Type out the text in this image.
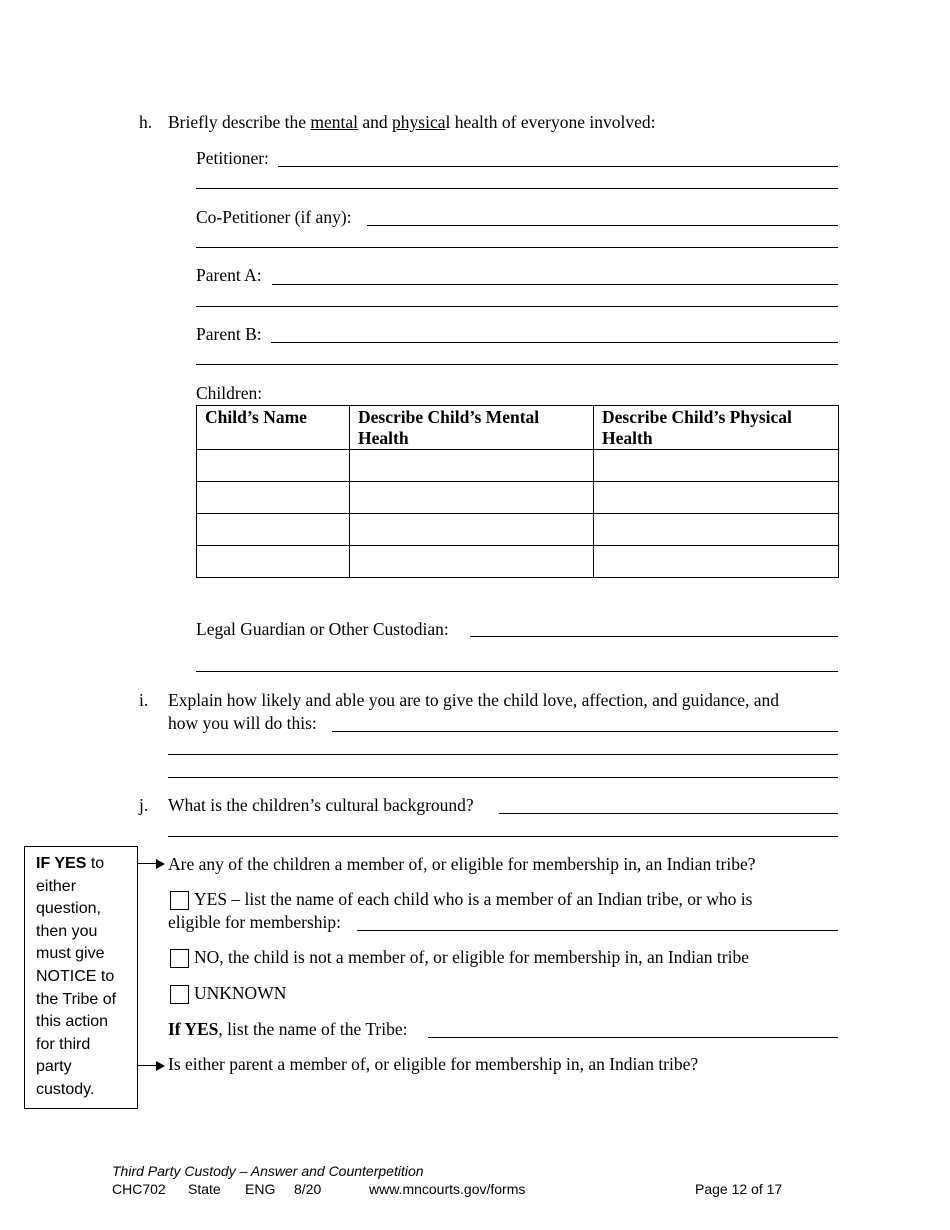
h. Briefly describe the mental and physical health of everyone involved:
Petitioner:
Co-Petitioner (if any):
Parent A:
Parent B:
Children:
Child’s Name	Describe Child’s Mental Health	Describe Child’s Physical Health

Legal Guardian or Other Custodian:
i. Explain how likely and able you are to give the child love, affection, and guidance, and
how you will do this:
j. What is the children’s cultural background?
Are any of the children a member of, or eligible for membership in, an Indian tribe?
YES – list the name of each child who is a member of an Indian tribe, or who is
eligible for membership:
NO, the child is not a member of, or eligible for membership in, an Indian tribe
UNKNOWN
If YES, list the name of the Tribe:
Is either parent a member of, or eligible for membership in, an Indian tribe?
IF YES to
either
question,
then you
must give
NOTICE to
the Tribe of
this action
for third
party
custody.
Third Party Custody – Answer and Counterpetition
CHC702 State ENG 8/20	www.mncourts.gov/forms	Page 12 of 17
